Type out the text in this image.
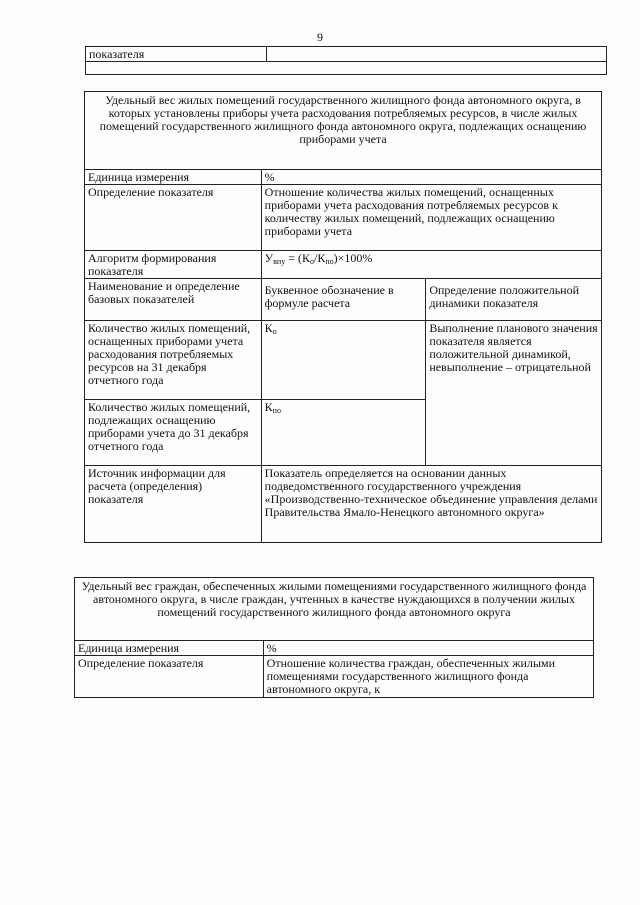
9
показателя	

Удельный вес жилых помещений государственного жилищного фонда автономного округа, в которых установлены приборы учета расходования потребляемых ресурсов, в числе жилых помещений государственного жилищного фонда автономного округа, подлежащих оснащению приборами учета		
Единица измерения	%	
Определение показателя	Отношение количества жилых помещений, оснащенных приборами учета расходования потребляемых ресурсов к количеству жилых помещений, подлежащих оснащению приборами учета	
Алгоритм формирования показателя	$У_{впу} = (К_о/К_{по})\times 100\%$	
Наименование и определение базовых показателей	Буквенное обозначение в формуле расчета	Определение положительной динамики показателя
Количество жилых помещений, оснащенных приборами учета расходования потребляемых ресурсов на 31 декабря отчетного года	$К_о$	Выполнение планового значения показателя является положительной динамикой, невыполнение – отрицательной
Количество жилых помещений, подлежащих оснащению приборами учета до 31 декабря отчетного года	$К_{по}$
Источник информации для расчета (определения) показателя	Показатель определяется на основании данных подведомственного государственного учреждения «Производственно-техническое объединение управления делами Правительства Ямало-Ненецкого автономного округа»	
Удельный вес граждан, обеспеченных жилыми помещениями государственного жилищного фонда автономного округа, в числе граждан, учтенных в качестве нуждающихся в получении жилых помещений государственного жилищного фонда автономного округа	
Единица измерения	%
Определение показателя	Отношение количества граждан, обеспеченных жилыми помещениями государственного жилищного фонда автономного округа, к
